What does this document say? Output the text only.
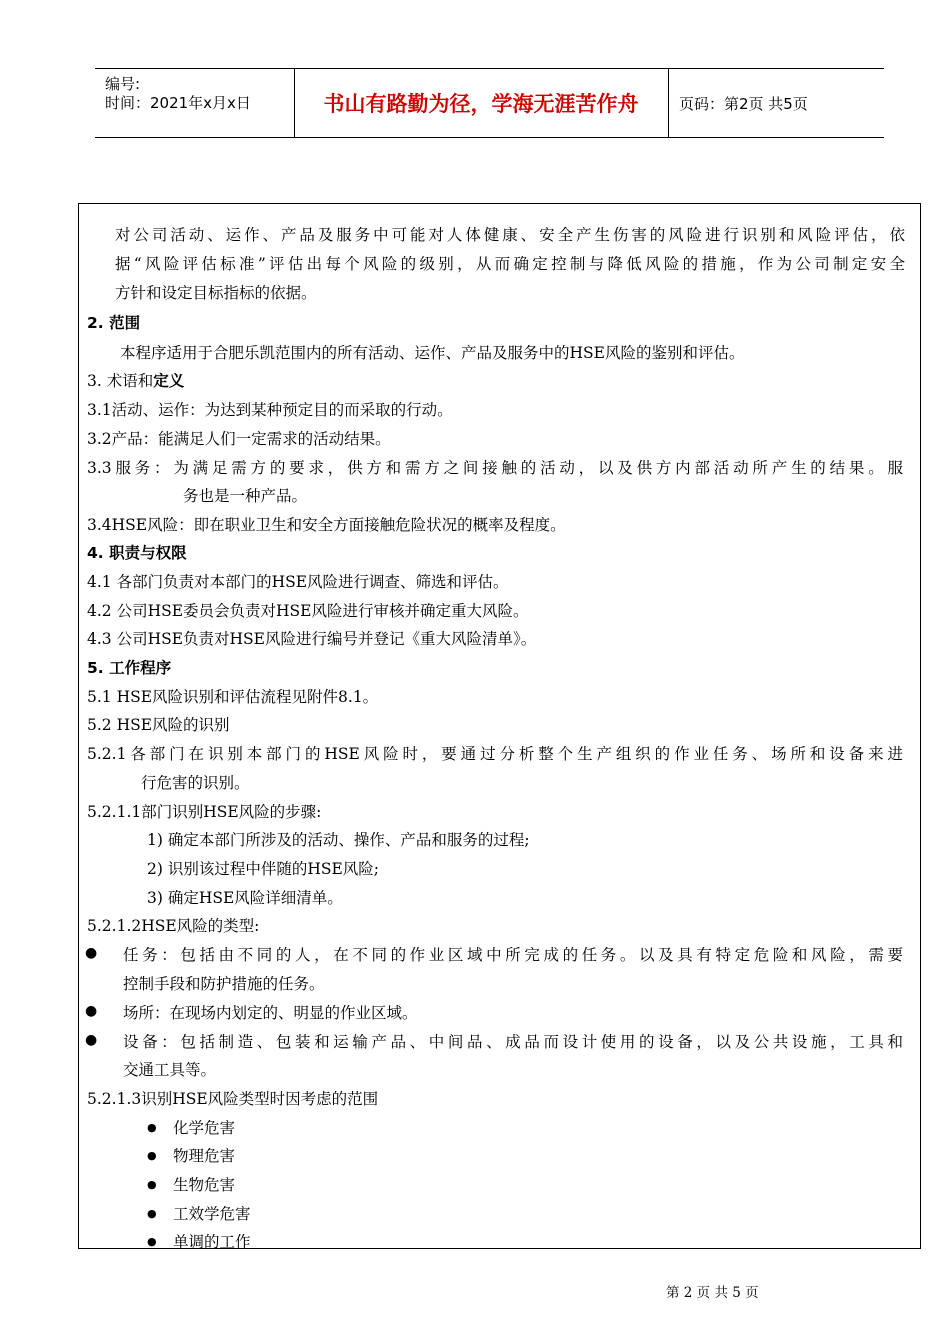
编号:
时间：2021年x月x日	书山有路勤为径，学海无涯苦作舟	页码：第2页 共5页
对公司活动、运作、产品及服务中可能对人体健康、安全产生伤害的风险进行识别和风险评估，依
据“风险评估标准”评估出每个风险的级别，从而确定控制与降低风险的措施，作为公司制定安全
方针和设定目标指标的依据。
2. 范围
本程序适用于合肥乐凯范围内的所有活动、运作、产品及服务中的HSE风险的鉴别和评估。
3. 术语和定义
3.1活动、运作：为达到某种预定目的而采取的行动。
3.2产品：能满足人们一定需求的活动结果。
3.3服务：为满足需方的要求，供方和需方之间接触的活动，以及供方内部活动所产生的结果。服
务也是一种产品。
3.4HSE风险：即在职业卫生和安全方面接触危险状况的概率及程度。
4. 职责与权限
4.1 各部门负责对本部门的HSE风险进行调查、筛选和评估。
4.2 公司HSE委员会负责对HSE风险进行审核并确定重大风险。
4.3 公司HSE负责对HSE风险进行编号并登记《重大风险清单》。
5. 工作程序
5.1 HSE风险识别和评估流程见附件8.1。
5.2 HSE风险的识别
5.2.1各部门在识别本部门的HSE风险时，要通过分析整个生产组织的作业任务、场所和设备来进
行危害的识别。
5.2.1.1部门识别HSE风险的步骤:
1) 确定本部门所涉及的活动、操作、产品和服务的过程;
2) 识别该过程中伴随的HSE风险;
3) 确定HSE风险详细清单。
5.2.1.2HSE风险的类型:
● 任务：包括由不同的人，在不同的作业区域中所完成的任务。以及具有特定危险和风险，需要
控制手段和防护措施的任务。
● 场所：在现场内划定的、明显的作业区域。
● 设备：包括制造、包装和运输产品、中间品、成品而设计使用的设备，以及公共设施，工具和
交通工具等。
5.2.1.3识别HSE风险类型时因考虑的范围
● 化学危害
● 物理危害
● 生物危害
● 工效学危害
● 单调的工作
第 2 页 共 5 页
